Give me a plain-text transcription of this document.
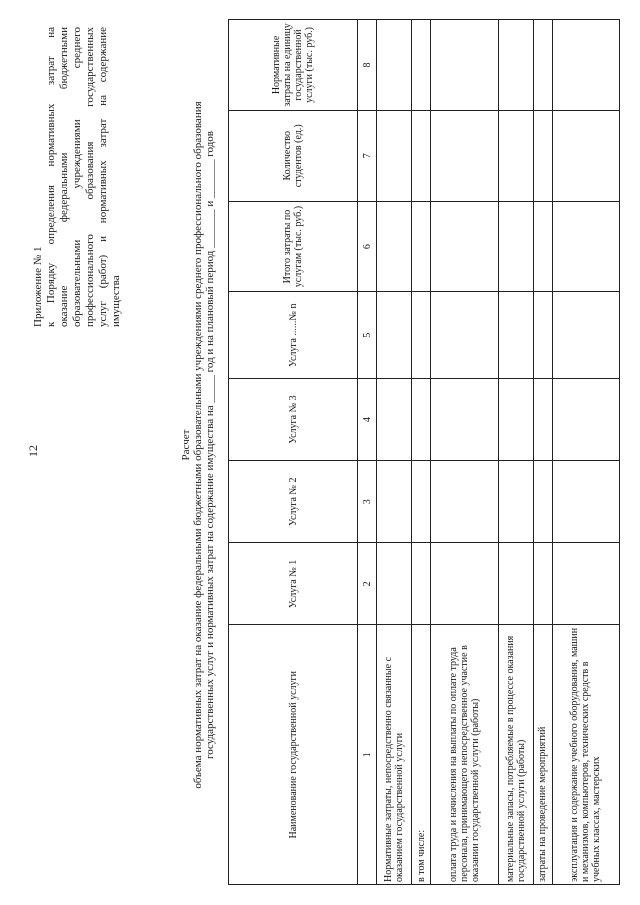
12
Приложение № 1 к Порядку определения нормативных затрат на оказание федеральными бюджетными образовательными учреждениями среднего профессионального образования государственных услуг (работ) и нормативных затрат на содержание имущества
Расчет объема нормативных затрат на оказание федеральными бюджетными образовательными учреждениями среднего профессионального образования государственных услуг и нормативных затрат на содержание имущества на _____ год и на плановый период _______ и _______ годов	Наименование государственной услуги	Услуга № 1	Услуга № 2	Услуга № 3	Услуга ......№ n	Итого затраты по услугам (тыс. руб.)	Количество студентов (ед.)	Нормативные затраты на единицу государственной услуги (тыс. руб.)
1	2	3	4	5	6	7	8
Нормативные затраты, непосредственно связанные с оказанием государственной услуги							
в том числе:							
оплата труда и начисления на выплаты по оплате труда персонала, принимающего непосредственное участие в оказании государственной услуги (работы)							
материальные запасы, потребляемые в процессе оказания государственной услуги (работы)							
затраты на проведение мероприятий							
эксплуатация и содержание учебного оборудования, машин и механизмов, компьютеров, технических средств в учебных классах, мастерских							
